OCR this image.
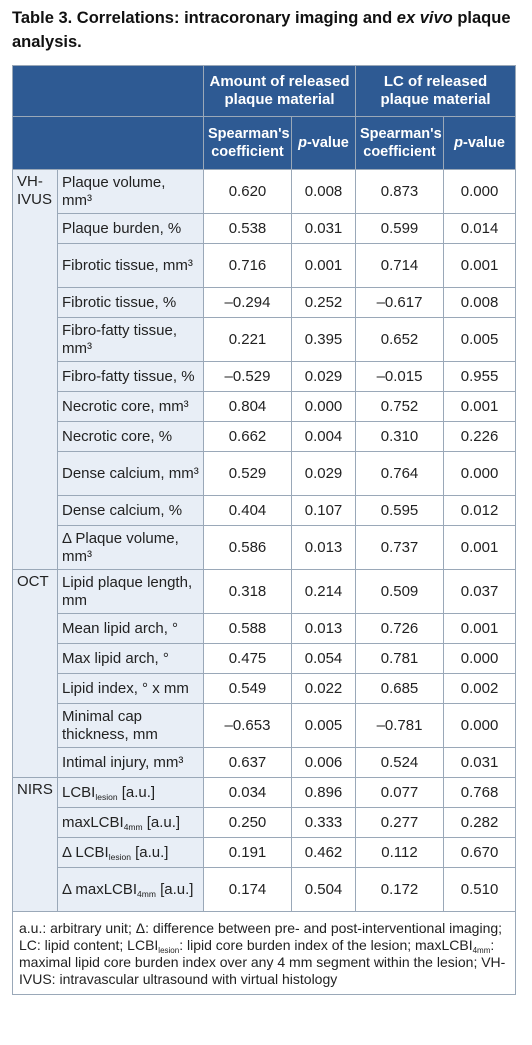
Table 3. Correlations: intracoronary imaging and ex vivo plaque analysis.
		Amount of released plaque material		LC of released plaque material	
		Spearman's coefficient	p-value	Spearman's coefficient	p-value
VH-IVUS	Plaque volume, mm³	0.620	0.008	0.873	0.000
	Plaque burden, %	0.538	0.031	0.599	0.014
	Fibrotic tissue, mm³	0.716	0.001	0.714	0.001
	Fibrotic tissue, %	–0.294	0.252	–0.617	0.008
	Fibro-fatty tissue, mm³	0.221	0.395	0.652	0.005
	Fibro-fatty tissue, %	–0.529	0.029	–0.015	0.955
	Necrotic core, mm³	0.804	0.000	0.752	0.001
	Necrotic core, %	0.662	0.004	0.310	0.226
	Dense calcium, mm³	0.529	0.029	0.764	0.000
	Dense calcium, %	0.404	0.107	0.595	0.012
	Δ Plaque volume, mm³	0.586	0.013	0.737	0.001
OCT	Lipid plaque length, mm	0.318	0.214	0.509	0.037
	Mean lipid arch, °	0.588	0.013	0.726	0.001
	Max lipid arch, °	0.475	0.054	0.781	0.000
	Lipid index, ° x mm	0.549	0.022	0.685	0.002
	Minimal cap thickness, mm	–0.653	0.005	–0.781	0.000
	Intimal injury, mm³	0.637	0.006	0.524	0.031
NIRS	$LCBI_{lesion}$ [a.u.]	0.034	0.896	0.077	0.768
	maxLCBI$_{4mm}$ [a.u.]	0.250	0.333	0.277	0.282
	Δ $LCBI_{lesion}$ [a.u.]	0.191	0.462	0.112	0.670
	Δ maxLCBI$_{4mm}$ [a.u.]	0.174	0.504	0.172	0.510
a.u.: arbitrary unit; Δ: difference between pre- and post-interventional imaging; LC: lipid content; $LCBI_{lesion}$: lipid core burden index of the lesion; maxLCBI$_{4mm}$: maximal lipid core burden index over any 4 mm segment within the lesion; VH-IVUS: intravascular ultrasound with virtual histology					
